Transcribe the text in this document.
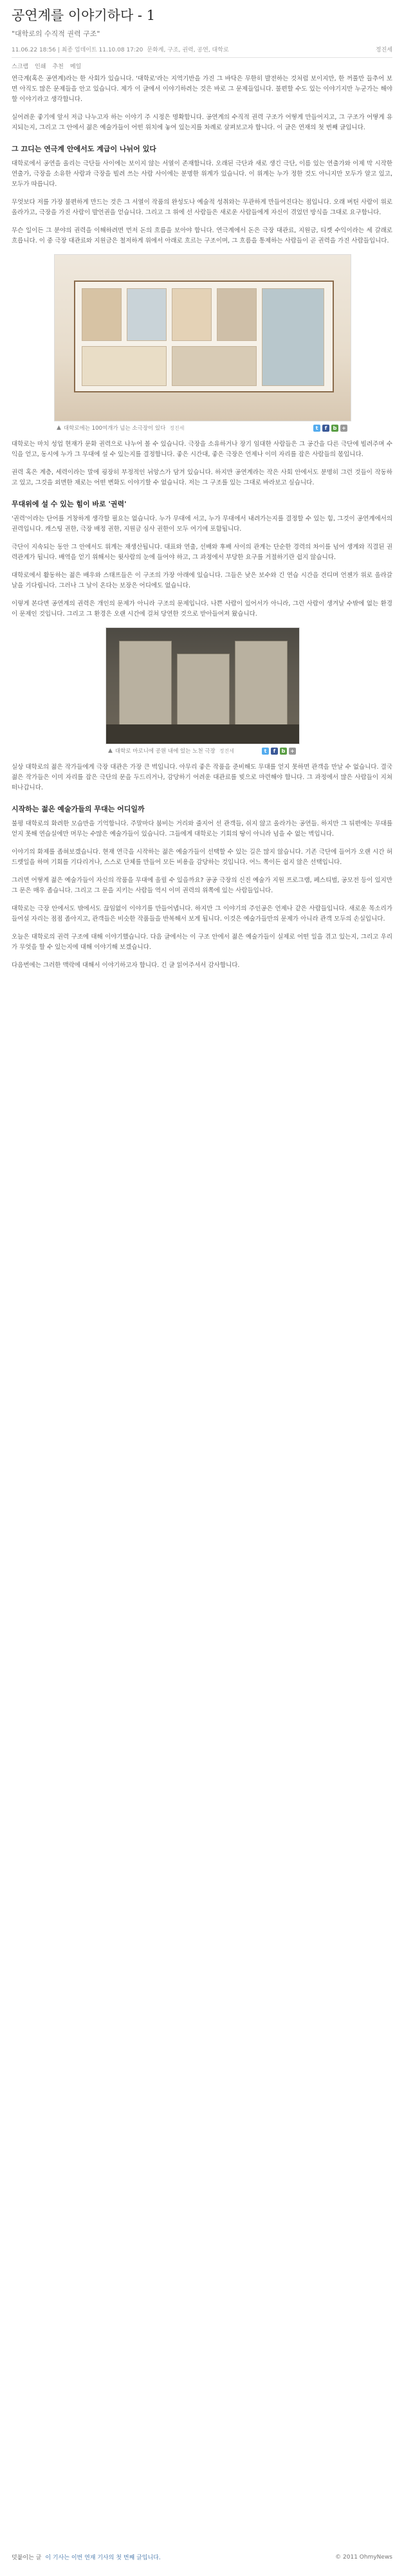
공연계를 이야기하다 - 1

"대학로의 수직적 권력 구조"

11.06.22 18:56 | 최종 업데이트 11.10.08 17:20 문화계, 구조, 권력, 공연, 대학로	정진세
스크랩 인쇄 추천 메일

연극계(혹은 공연계)라는 한 사회가 있습니다. '대학로'라는 지역기반을 가진 그 바닥은 무한히 발전하는 것처럼 보이지만, 한 꺼풀만 들추어 보면 아직도 많은 문제들을 안고 있습니다. 제가 이 글에서 이야기하려는 것은 바로 그 문제들입니다. 불편할 수도 있는 이야기지만 누군가는 해야 할 이야기라고 생각합니다.

실어려운 좋기에 앞서 저급 나누고자 하는 이야기 주 시정은 명확합니다. 공연계의 수직적 권력 구조가 어떻게 만들어지고, 그 구조가 어떻게 유지되는지, 그리고 그 안에서 젊은 예술가들이 어떤 위치에 놓여 있는지를 차례로 살펴보고자 합니다. 이 글은 연재의 첫 번째 글입니다.

그 끄디는 연극계 안에서도 계급이 나뉘어 있다

대학로에서 공연을 올리는 극단들 사이에는 보이지 않는 서열이 존재합니다. 오래된 극단과 새로 생긴 극단, 이름 있는 연출가와 이제 막 시작한 연출가, 극장을 소유한 사람과 극장을 빌려 쓰는 사람 사이에는 분명한 위계가 있습니다. 이 위계는 누가 정한 것도 아니지만 모두가 알고 있고, 모두가 따릅니다.

무엇보다 저를 가장 불편하게 만드는 것은 그 서열이 작품의 완성도나 예술적 성취와는 무관하게 만들어진다는 점입니다. 오래 버틴 사람이 위로 올라가고, 극장을 가진 사람이 발언권을 얻습니다. 그리고 그 위에 선 사람들은 새로운 사람들에게 자신이 겪었던 방식을 그대로 요구합니다.

무슨 일이든 그 분야의 권력을 이해하려면 먼저 돈의 흐름을 보아야 합니다. 연극계에서 돈은 극장 대관료, 지원금, 티켓 수익이라는 세 갈래로 흐릅니다. 이 중 극장 대관료와 지원금은 철저하게 위에서 아래로 흐르는 구조이며, 그 흐름을 통제하는 사람들이 곧 권력을 가진 사람들입니다.

▲ 대학로에는 100여개가 넘는 소극장이 있다 정진세	t	f	b +

대학로는 마치 성업 현재가 문화 권력으로 나누어 볼 수 있습니다. 극장을 소유하거나 장기 임대한 사람들은 그 공간을 다른 극단에 빌려주며 수익을 얻고, 동시에 누가 그 무대에 설 수 있는지를 결정합니다. 좋은 시간대, 좋은 극장은 언제나 이미 자리를 잡은 사람들의 몫입니다.

권력 혹은 계층, 세력이라는 말에 굉장히 부정적인 뉘앙스가 담겨 있습니다. 하지만 공연계라는 작은 사회 안에서도 분명히 그런 것들이 작동하고 있고, 그것을 외면한 채로는 어떤 변화도 이야기할 수 없습니다. 저는 그 구조를 있는 그대로 바라보고 싶습니다.

무대위에 설 수 있는 힘이 바로 '권력'

'권력'이라는 단어를 거창하게 생각할 필요는 없습니다. 누가 무대에 서고, 누가 무대에서 내려가는지를 결정할 수 있는 힘, 그것이 공연계에서의 권력입니다. 캐스팅 권한, 극장 배정 권한, 지원금 심사 권한이 모두 여기에 포함됩니다.

극단이 지속되는 동안 그 안에서도 위계는 재생산됩니다. 대표와 연출, 선배와 후배 사이의 관계는 단순한 경력의 차이를 넘어 생계와 직결된 권력관계가 됩니다. 배역을 얻기 위해서는 윗사람의 눈에 들어야 하고, 그 과정에서 부당한 요구를 거절하기란 쉽지 않습니다.

대학로에서 활동하는 젊은 배우와 스태프들은 이 구조의 가장 아래에 있습니다. 그들은 낮은 보수와 긴 연습 시간을 견디며 언젠가 위로 올라갈 날을 기다립니다. 그러나 그 날이 온다는 보장은 어디에도 없습니다.

이렇게 본다면 공연계의 권력은 개인의 문제가 아니라 구조의 문제입니다. 나쁜 사람이 있어서가 아니라, 그런 사람이 생겨날 수밖에 없는 환경이 문제인 것입니다. 그리고 그 환경은 오랜 시간에 걸쳐 당연한 것으로 받아들여져 왔습니다.

▲ 대학로 마로니에 공원 내에 있는 노천 극장 정진세	t	f	b +

실상 대학로의 젊은 작가들에게 극장 대관은 가장 큰 벽입니다. 아무리 좋은 작품을 준비해도 무대를 얻지 못하면 관객을 만날 수 없습니다. 결국 젊은 작가들은 이미 자리를 잡은 극단의 문을 두드리거나, 감당하기 어려운 대관료를 빚으로 마련해야 합니다. 그 과정에서 많은 사람들이 지쳐 떠나갑니다.

시작하는 젊은 예술가들의 무대는 어디일까

불평 대학로의 화려한 모습만을 기억합니다. 주말마다 붐비는 거리와 줄지어 선 관객들, 쉬지 않고 올라가는 공연들. 하지만 그 뒤편에는 무대를 얻지 못해 연습실에만 머무는 수많은 예술가들이 있습니다. 그들에게 대학로는 기회의 땅이 아니라 넘을 수 없는 벽입니다.

이야기의 화제를 좁혀보겠습니다. 현재 연극을 시작하는 젊은 예술가들이 선택할 수 있는 길은 많지 않습니다. 기존 극단에 들어가 오랜 시간 허드렛일을 하며 기회를 기다리거나, 스스로 단체를 만들어 모든 비용을 감당하는 것입니다. 어느 쪽이든 쉽지 않은 선택입니다.

그러면 어떻게 젊은 예술가들이 자신의 작품을 무대에 올릴 수 있을까요? 공공 극장의 신진 예술가 지원 프로그램, 페스티벌, 공모전 등이 있지만 그 문은 매우 좁습니다. 그리고 그 문을 지키는 사람들 역시 이미 권력의 위쪽에 있는 사람들입니다.

대학로는 극장 안에서도 밖에서도 끊임없이 이야기를 만들어냅니다. 하지만 그 이야기의 주인공은 언제나 같은 사람들입니다. 새로운 목소리가 들어설 자리는 점점 좁아지고, 관객들은 비슷한 작품들을 반복해서 보게 됩니다. 이것은 예술가들만의 문제가 아니라 관객 모두의 손실입니다.

오늘은 대학로의 권력 구조에 대해 이야기했습니다. 다음 글에서는 이 구조 안에서 젊은 예술가들이 실제로 어떤 일을 겪고 있는지, 그리고 우리가 무엇을 할 수 있는지에 대해 이야기해 보겠습니다.

다음번에는 그러한 맥락에 대해서 이야기하고자 합니다. 긴 글 읽어주셔서 감사합니다.

덧붙이는 글 이 기사는 이번 연재 기사의 첫 번째 글입니다.	© 2011 OhmyNews
